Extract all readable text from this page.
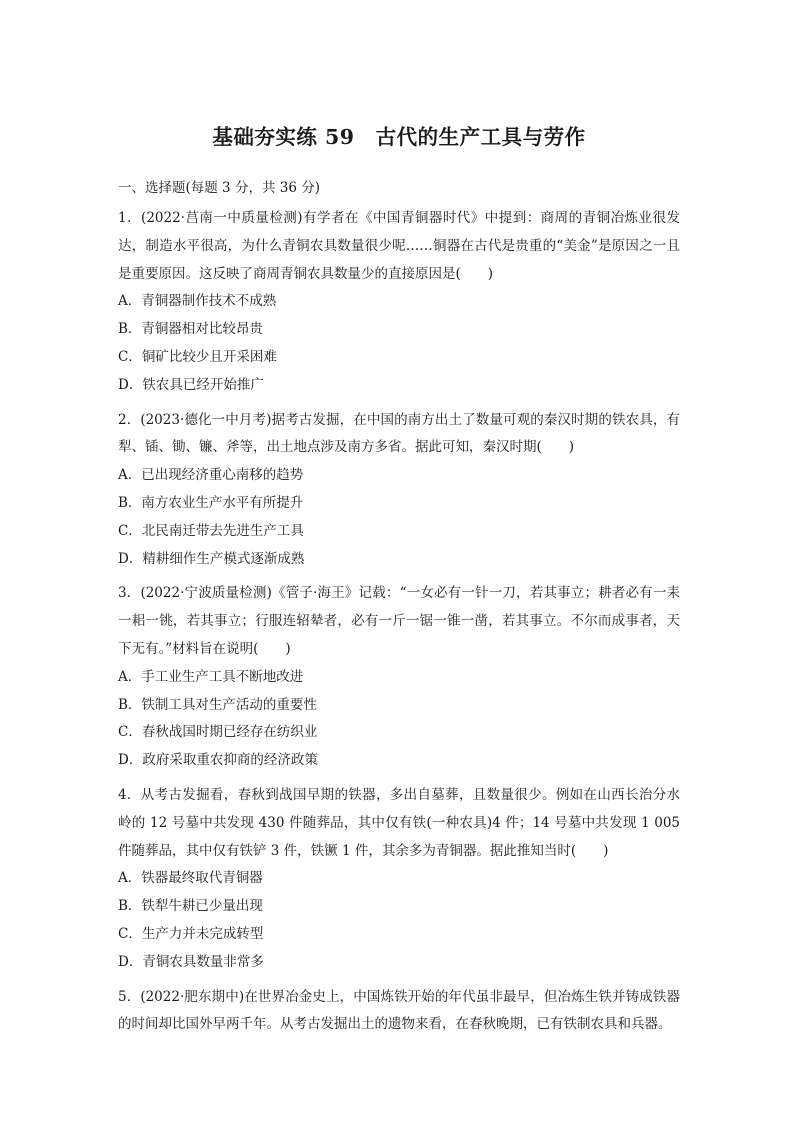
基础夯实练 59　古代的生产工具与劳作
一、选择题(每题 3 分，共 36 分)
1．(2022·莒南一中质量检测)有学者在《中国青铜器时代》中提到：商周的青铜冶炼业很发达，制造水平很高，为什么青铜农具数量很少呢……铜器在古代是贵重的“美金”是原因之一且是重要原因。这反映了商周青铜农具数量少的直接原因是(　　)
A．青铜器制作技术不成熟
B．青铜器相对比较昂贵
C．铜矿比较少且开采困难
D．铁农具已经开始推广
2．(2023·德化一中月考)据考古发掘，在中国的南方出土了数量可观的秦汉时期的铁农具，有犁、锸、锄、镰、斧等，出土地点涉及南方多省。据此可知，秦汉时期(　　)
A．已出现经济重心南移的趋势
B．南方农业生产水平有所提升
C．北民南迁带去先进生产工具
D．精耕细作生产模式逐渐成熟
3．(2022·宁波质量检测)《管子·海王》记载：“一女必有一针一刀，若其事立；耕者必有一耒一耜一铫，若其事立；行服连轺辇者，必有一斤一锯一锥一凿，若其事立。不尔而成事者，天下无有。”材料旨在说明(　　)
A．手工业生产工具不断地改进
B．铁制工具对生产活动的重要性
C．春秋战国时期已经存在纺织业
D．政府采取重农抑商的经济政策
4．从考古发掘看，春秋到战国早期的铁器，多出自墓葬，且数量很少。例如在山西长治分水岭的 12 号墓中共发现 430 件随葬品，其中仅有铁(一种农具)4 件；14 号墓中共发现 1 005 件随葬品，其中仅有铁铲 3 件，铁镢 1 件，其余多为青铜器。据此推知当时(　　)
A．铁器最终取代青铜器
B．铁犁牛耕已少量出现
C．生产力并未完成转型
D．青铜农具数量非常多
5．(2022·肥东期中)在世界冶金史上，中国炼铁开始的年代虽非最早，但冶炼生铁并铸成铁器的时间却比国外早两千年。从考古发掘出土的遗物来看，在春秋晚期，已有铁制农具和兵器。
